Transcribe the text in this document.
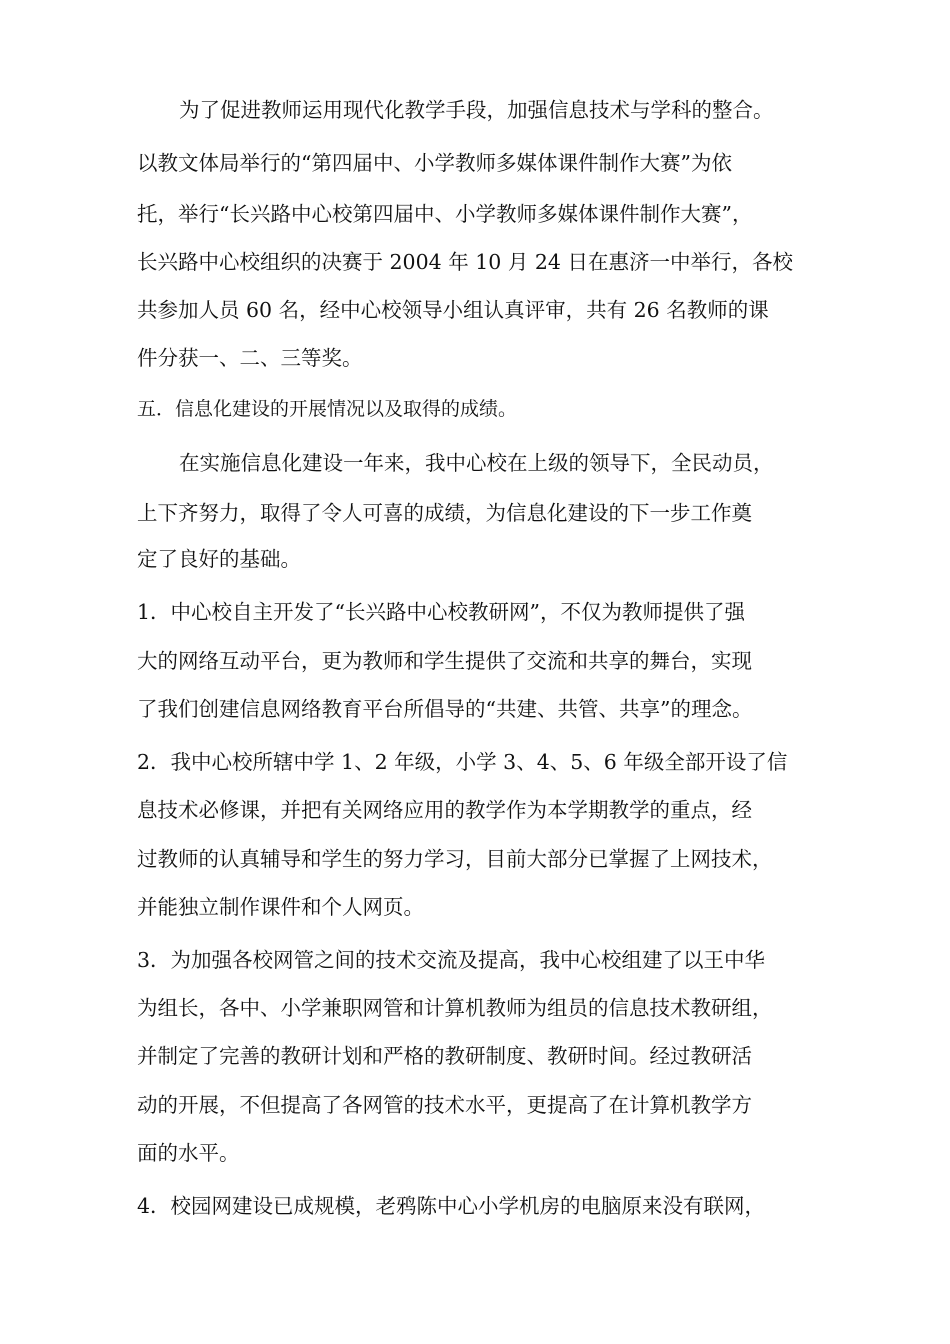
为了促进教师运用现代化教学手段，加强信息技术与学科的整合。

以教文体局举行的“第四届中、小学教师多媒体课件制作大赛”为依

托，举行“长兴路中心校第四届中、小学教师多媒体课件制作大赛”，

长兴路中心校组织的决赛于 2004 年 10 月 24 日在惠济一中举行，各校

共参加人员 60 名，经中心校领导小组认真评审，共有 26 名教师的课

件分获一、二、三等奖。

五．信息化建设的开展情况以及取得的成绩。

在实施信息化建设一年来，我中心校在上级的领导下，全民动员，

上下齐努力，取得了令人可喜的成绩，为信息化建设的下一步工作奠

定了良好的基础。

1．中心校自主开发了“长兴路中心校教研网”，不仅为教师提供了强

大的网络互动平台，更为教师和学生提供了交流和共享的舞台，实现

了我们创建信息网络教育平台所倡导的“共建、共管、共享”的理念。

2．我中心校所辖中学 1、2 年级，小学 3、4、5、6 年级全部开设了信

息技术必修课，并把有关网络应用的教学作为本学期教学的重点，经

过教师的认真辅导和学生的努力学习，目前大部分已掌握了上网技术，

并能独立制作课件和个人网页。

3．为加强各校网管之间的技术交流及提高，我中心校组建了以王中华

为组长，各中、小学兼职网管和计算机教师为组员的信息技术教研组，

并制定了完善的教研计划和严格的教研制度、教研时间。经过教研活

动的开展，不但提高了各网管的技术水平，更提高了在计算机教学方

面的水平。

4．校园网建设已成规模，老鸦陈中心小学机房的电脑原来没有联网，
